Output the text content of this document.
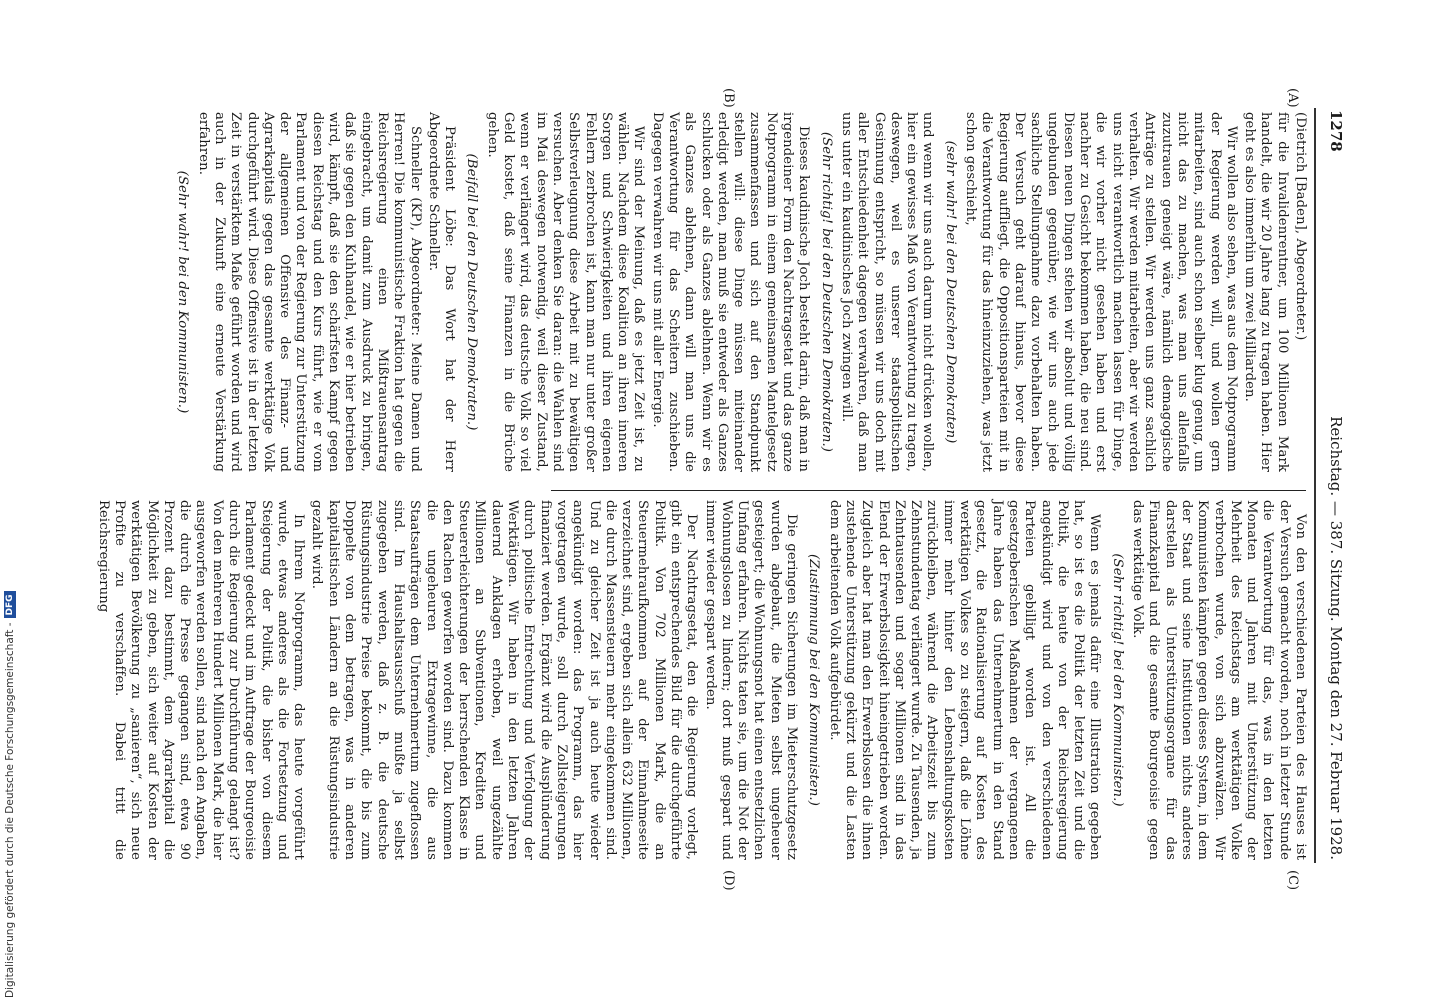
1278
Reichstag. — 387. Sitzung. Montag den 27. Februar 1928.
(A)
(B)
(C)
(D)

(Dietrich [Baden], Abgeordneter.)

für die Invalidenrentner, um 100 Millionen Mark handelt, die wir 20 Jahre lang zu tragen haben. Hier geht es also immerhin um zwei Milliarden.

Wir wollen also sehen, was aus dem Notprogramm der Regierung werden will, und wollen gern mitarbeiten, sind auch schon selber klug genug, um nicht das zu machen, was man uns allenfalls zuzutrauen geneigt wäre, nämlich demagogische Anträge zu stellen. Wir werden uns ganz sachlich verhalten. Wir werden mitarbeiten, aber wir werden uns nicht verantwortlich machen lassen für Dinge, die wir vorher nicht gesehen haben und erst nachher zu Gesicht bekommen haben, die neu sind. Diesen neuen Dingen stehen wir absolut und völlig ungebunden gegenüber, wie wir uns auch jede sachliche Stellungnahme dazu vorbehalten haben. Der Versuch geht darauf hinaus, bevor diese Regierung auffliegt, die Oppositionsparteien mit in die Verantwortung für das hineinzuziehen, was jetzt schon geschieht,

(sehr wahr! bei den Deutschen Demokraten)

und wenn wir uns auch darum nicht drücken wollen, hier ein gewisses Maß von Verantwortung zu tragen, deswegen, weil es unserer staatspolitischen Gesinnung entspricht, so müssen wir uns doch mit aller Entschiedenheit dagegen verwahren, daß man uns unter ein kaudinisches Joch zwingen will.

(Sehr richtig! bei den Deutschen Demokraten.)

Dieses kaudinische Joch besteht darin, daß man in irgendeiner Form den Nachtragsetat und das ganze Notprogramm in einem gemeinsamen Mantelgesetz zusammenfassen und sich auf den Standpunkt stellen will: diese Dinge müssen miteinander erledigt werden, man muß sie entweder als Ganzes schlucken oder als Ganzes ablehnen. Wenn wir es als Ganzes ablehnen, dann will man uns die Verantwortung für das Scheitern zuschieben. Dagegen verwahren wir uns mit aller Energie.

Wir sind der Meinung, daß es jetzt Zeit ist, zu wählen. Nachdem diese Koalition an ihren inneren Sorgen und Schwierigkeiten und ihren eigenen Fehlern zerbrochen ist, kann man nur unter großer Selbstverleugnung diese Arbeit mit zu bewältigen versuchen. Aber denken Sie daran: die Wahlen sind im Mai deswegen notwendig, weil dieser Zustand, wenn er verlängert wird, das deutsche Volk so viel Geld kostet, daß seine Finanzen in die Brüche gehen.

(Beifall bei den Deutschen Demokraten.)

Präsident Löbe: Das Wort hat der Herr Abgeordnete Schneller.

Schneller (KP), Abgeordneter: Meine Damen und Herren! Die kommunistische Fraktion hat gegen die Reichsregierung einen Mißtrauensantrag eingebracht, um damit zum Ausdruck zu bringen, daß sie gegen den Kuhhandel, wie er hier betrieben wird, kämpft, daß sie den schärfsten Kampf gegen diesen Reichstag und den Kurs führt, wie er vom Parlament und von der Regierung zur Unterstützung der allgemeinen Offensive des Finanz- und Agrarkapitals gegen das gesamte werktätige Volk durchgeführt wird. Diese Offensive ist in der letzten Zeit in verstärktem Maße geführt worden und wird auch in der Zukunft eine erneute Verstärkung erfahren.

(Sehr wahr! bei den Kommunisten.)

Von den verschiedenen Parteien des Hauses ist der Versuch gemacht worden, noch in letzter Stunde die Verantwortung für das, was in den letzten Monaten und Jahren mit Unterstützung der Mehrheit des Reichstags am werktätigen Volke verbrochen wurde, von sich abzuwälzen. Wir Kommunisten kämpfen gegen dieses System, in dem der Staat und seine Institutionen nichts anderes darstellen als Unterstützungsorgane für das Finanzkapital und die gesamte Bourgeoisie gegen das werktätige Volk.

(Sehr richtig! bei den Kommunisten.)

Wenn es jemals dafür eine Illustration gegeben hat, so ist es die Politik der letzten Zeit und die Politik, die heute von der Reichsregierung angekündigt wird und von den verschiedenen Parteien gebilligt worden ist. All die gesetzgeberischen Maßnahmen der vergangenen Jahre haben das Unternehmertum in den Stand gesetzt, die Rationalisierung auf Kosten des werktätigen Volkes so zu steigern, daß die Löhne immer mehr hinter den Lebenshaltungskosten zurückbleiben, während die Arbeitszeit bis zum Zehnstundentag verlängert wurde. Zu Tausenden, ja Zehntausenden und sogar Millionen sind in das Elend der Erwerbslosigkeit hineingetrieben worden. Zugleich aber hat man den Erwerbslosen die ihnen zustehende Unterstützung gekürzt und die Lasten dem arbeitenden Volk aufgebürdet.

(Zustimmung bei den Kommunisten.)

Die geringen Sicherungen im Mieterschutzgesetz wurden abgebaut, die Mieten selbst ungeheuer gesteigert; die Wohnungsnot hat einen entsetzlichen Umfang erfahren. Nichts taten sie, um die Not der Wohnungslosen zu lindern; dort muß gespart und immer wieder gespart werden.

Der Nachtragsetat, den die Regierung vorlegt, gibt ein entsprechendes Bild für die durchgeführte Politik. Von 702 Millionen Mark, die an Steuermehraufkommen auf der Einnahmeseite verzeichnet sind, ergeben sich allein 632 Millionen, die durch Massensteuern mehr eingekommen sind. Und zu gleicher Zeit ist ja auch heute wieder angekündigt worden: das Programm, das hier vorgetragen wurde, soll durch Zollsteigerungen finanziert werden. Ergänzt wird die Ausplünderung durch politische Entrechtung und Verfolgung der Werktätigen. Wir haben in den letzten Jahren dauernd Anklagen erhoben, weil ungezählte Millionen an Subventionen, Krediten und Steuererleichterungen der herrschenden Klasse in den Rachen geworfen worden sind. Dazu kommen die ungeheuren Extragewinne, die aus Staatsaufträgen dem Unternehmertum zugeflossen sind. Im Haushaltsausschuß mußte ja selbst zugegeben werden, daß z. B. die deutsche Rüstungsindustrie Preise bekommt, die bis zum Doppelte von dem betragen, was in anderen kapitalistischen Ländern an die Rüstungsindustrie gezahlt wird.

In Ihrem Notprogramm, das heute vorgeführt wurde, etwas anderes als die Fortsetzung und Steigerung der Politik, die bisher von diesem Parlament gedeckt und im Auftrage der Bourgeoisie durch die Regierung zur Durchführung gelangt ist? Von den mehreren Hundert Millionen Mark, die hier ausgeworfen werden sollen, sind nach den Angaben, die durch die Presse gegangen sind, etwa 90 Prozent dazu bestimmt, dem Agrarkapital die Möglichkeit zu geben, sich weiter auf Kosten der werktätigen Bevölkerung zu „sanieren“, sich neue Profite zu verschaffen. Dabei tritt die Reichsregierung

Digitalisierung gefördert durch die Deutsche Forschungsgemeinschaft -
DFG
